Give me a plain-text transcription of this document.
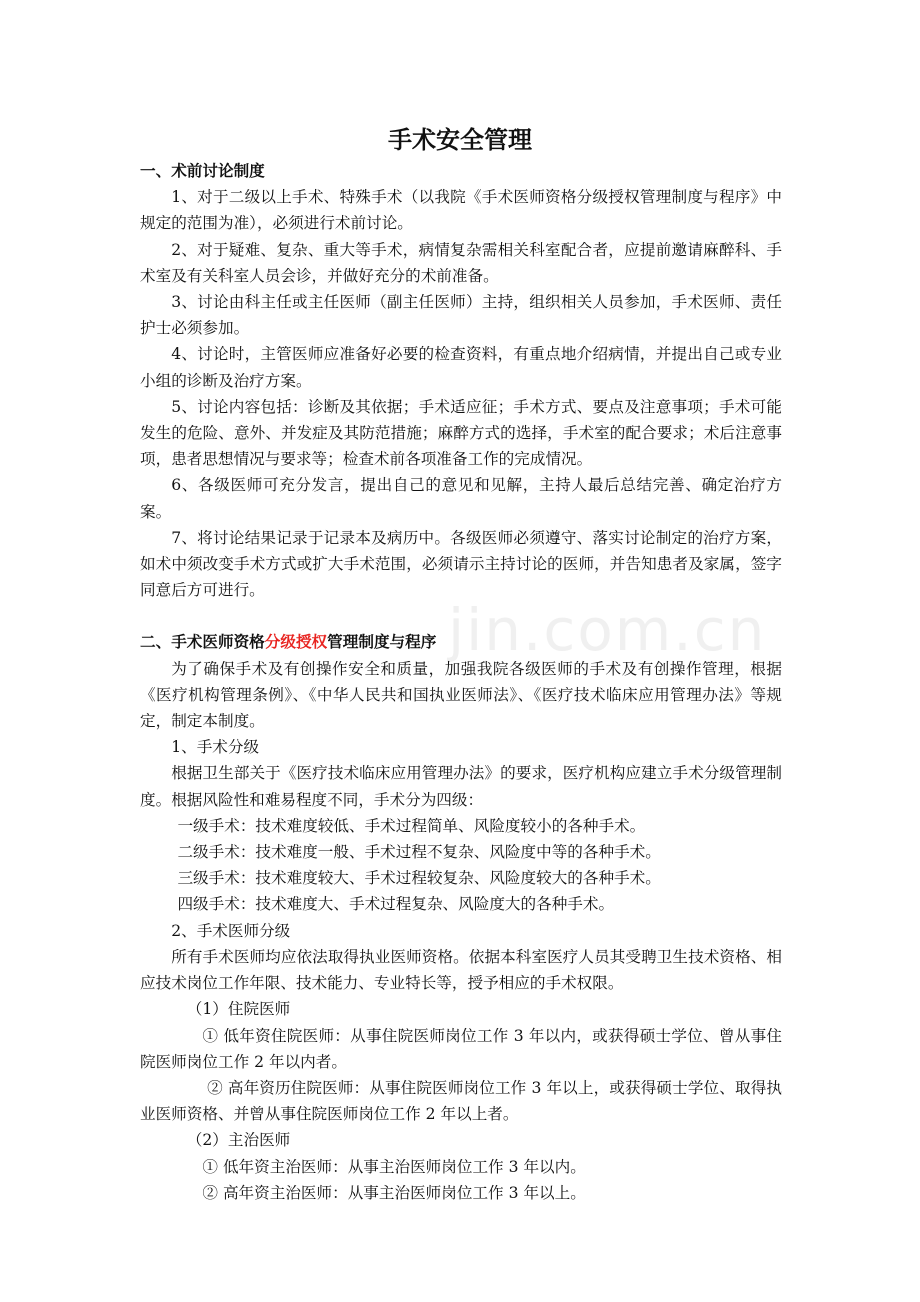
jin.com.cn
手术安全管理

一、术前讨论制度

1、对于二级以上手术、特殊手术（以我院《手术医师资格分级授权管理制度与程序》中规定的范围为准），必须进行术前讨论。

2、对于疑难、复杂、重大等手术，病情复杂需相关科室配合者，应提前邀请麻醉科、手术室及有关科室人员会诊，并做好充分的术前准备。

3、讨论由科主任或主任医师（副主任医师）主持，组织相关人员参加，手术医师、责任护士必须参加。

4、讨论时，主管医师应准备好必要的检查资料，有重点地介绍病情，并提出自己或专业小组的诊断及治疗方案。

5、讨论内容包括：诊断及其依据；手术适应征；手术方式、要点及注意事项；手术可能发生的危险、意外、并发症及其防范措施；麻醉方式的选择，手术室的配合要求；术后注意事项，患者思想情况与要求等；检查术前各项准备工作的完成情况。

6、各级医师可充分发言，提出自己的意见和见解，主持人最后总结完善、确定治疗方案。

7、将讨论结果记录于记录本及病历中。各级医师必须遵守、落实讨论制定的治疗方案，如术中须改变手术方式或扩大手术范围，必须请示主持讨论的医师，并告知患者及家属，签字同意后方可进行。

二、手术医师资格分级授权管理制度与程序

为了确保手术及有创操作安全和质量，加强我院各级医师的手术及有创操作管理，根据《医疗机构管理条例》、《中华人民共和国执业医师法》、《医疗技术临床应用管理办法》等规定，制定本制度。

1、手术分级

根据卫生部关于《医疗技术临床应用管理办法》的要求，医疗机构应建立手术分级管理制度。根据风险性和难易程度不同，手术分为四级：

一级手术：技术难度较低、手术过程简单、风险度较小的各种手术。

二级手术：技术难度一般、手术过程不复杂、风险度中等的各种手术。

三级手术：技术难度较大、手术过程较复杂、风险度较大的各种手术。

四级手术：技术难度大、手术过程复杂、风险度大的各种手术。

2、手术医师分级

所有手术医师均应依法取得执业医师资格。依据本科室医疗人员其受聘卫生技术资格、相应技术岗位工作年限、技术能力、专业特长等，授予相应的手术权限。

（1）住院医师

① 低年资住院医师：从事住院医师岗位工作 3 年以内，或获得硕士学位、曾从事住院医师岗位工作 2 年以内者。

② 高年资历住院医师：从事住院医师岗位工作 3 年以上，或获得硕士学位、取得执业医师资格、并曾从事住院医师岗位工作 2 年以上者。

（2）主治医师

① 低年资主治医师：从事主治医师岗位工作 3 年以内。

② 高年资主治医师：从事主治医师岗位工作 3 年以上。
